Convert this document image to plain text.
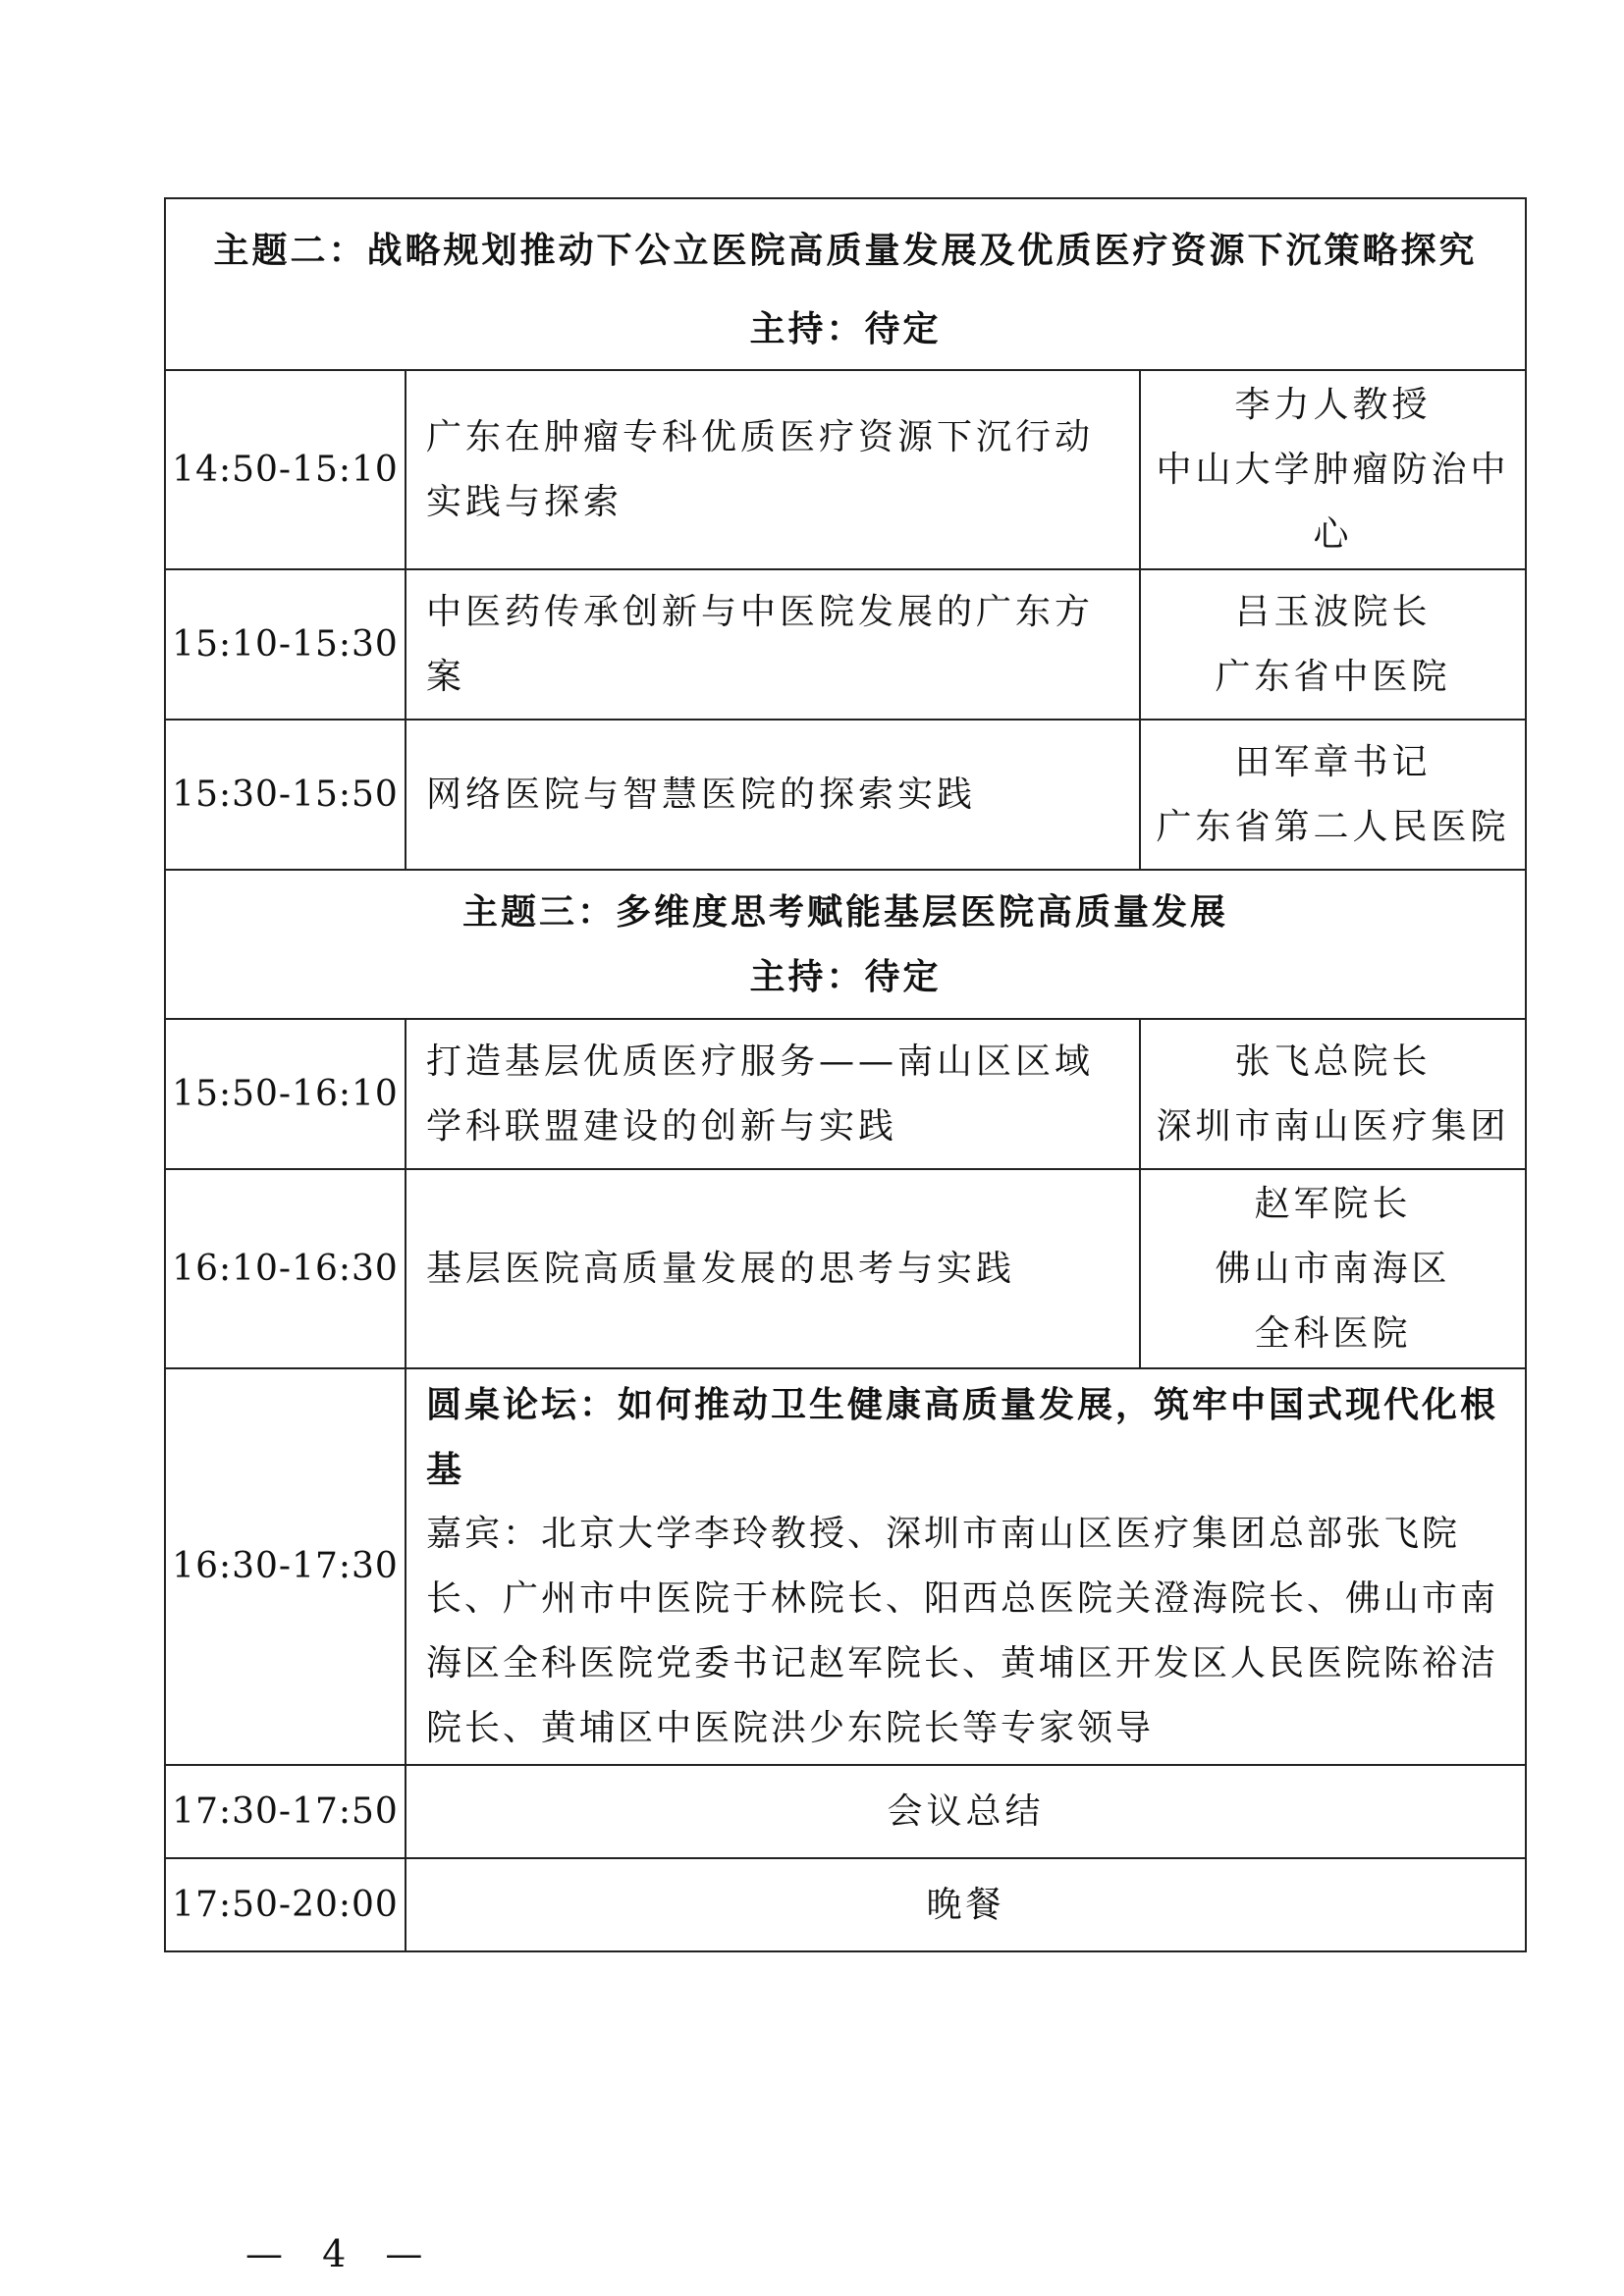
主题二：战略规划推动下公立医院高质量发展及优质医疗资源下沉策略探究
主持：待定		

14:50-15:10	广东在肿瘤专科优质医疗资源下沉行动实践与探索	李力人教授
中山大学肿瘤防治中
心

15:10-15:30	中医药传承创新与中医院发展的广东方案	吕玉波院长
广东省中医院

15:30-15:50	网络医院与智慧医院的探索实践	田军章书记
广东省第二人民医院

主题三：多维度思考赋能基层医院高质量发展
主持：待定		

15:50-16:10	打造基层优质医疗服务——南山区区域学科联盟建设的创新与实践	张飞总院长
深圳市南山医疗集团

16:10-16:30	基层医院高质量发展的思考与实践	赵军院长
佛山市南海区
全科医院

16:30-17:30	圆桌论坛：如何推动卫生健康高质量发展，筑牢中国式现代化根基
嘉宾：北京大学李玲教授、深圳市南山区医疗集团总部张飞院长、广州市中医院于林院长、阳西总医院关澄海院长、佛山市南海区全科医院党委书记赵军院长、黄埔区开发区人民医院陈裕洁院长、黄埔区中医院洪少东院长等专家领导	

17:30-17:50	会议总结	
17:50-20:00	晚餐	
— 4 —
